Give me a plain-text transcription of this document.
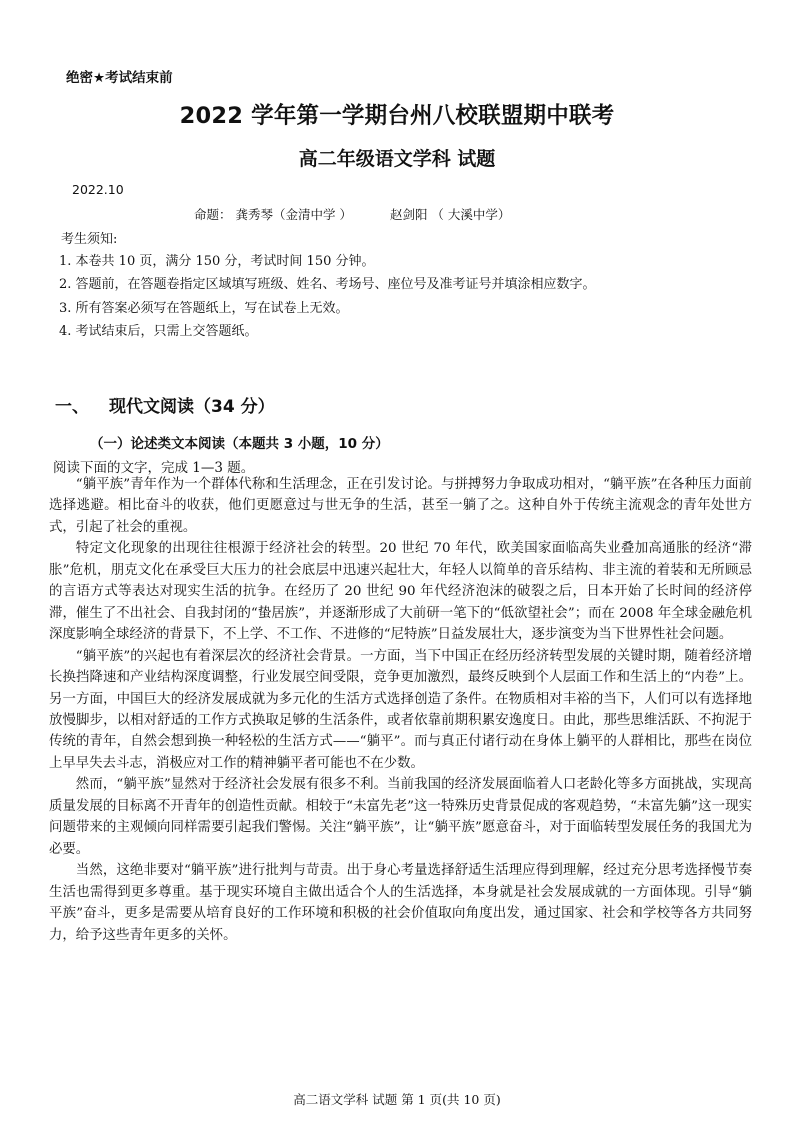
绝密★考试结束前
2022 学年第一学期台州八校联盟期中联考
高二年级语文学科 试题
2022.10
命题： 龚秀琴（金清中学 ）	赵剑阳 （ 大溪中学）
考生须知:
1. 本卷共 10 页，满分 150 分，考试时间 150 分钟。
2. 答题前，在答题卷指定区域填写班级、姓名、考场号、座位号及准考证号并填涂相应数字。
3. 所有答案必须写在答题纸上，写在试卷上无效。
4. 考试结束后，只需上交答题纸。
一、 现代文阅读（34 分）
（一）论述类文本阅读（本题共 3 小题，10 分）
阅读下面的文字，完成 1—3 题。

“躺平族”青年作为一个群体代称和生活理念，正在引发讨论。与拼搏努力争取成功相对，“躺平族”在各种压力面前选择逃避。相比奋斗的收获，他们更愿意过与世无争的生活，甚至一躺了之。这种自外于传统主流观念的青年处世方式，引起了社会的重视。

特定文化现象的出现往往根源于经济社会的转型。20 世纪 70 年代，欧美国家面临高失业叠加高通胀的经济“滞胀”危机，朋克文化在承受巨大压力的社会底层中迅速兴起壮大，年轻人以简单的音乐结构、非主流的着装和无所顾忌的言语方式等表达对现实生活的抗争。在经历了 20 世纪 90 年代经济泡沫的破裂之后，日本开始了长时间的经济停滞，催生了不出社会、自我封闭的“蛰居族”，并逐渐形成了大前研一笔下的“低欲望社会”；而在 2008 年全球金融危机深度影响全球经济的背景下，不上学、不工作、不进修的“尼特族”日益发展壮大，逐步演变为当下世界性社会问题。

“躺平族”的兴起也有着深层次的经济社会背景。一方面，当下中国正在经历经济转型发展的关键时期，随着经济增长换挡降速和产业结构深度调整，行业发展空间受限，竞争更加激烈，最终反映到个人层面工作和生活上的“内卷”上。另一方面，中国巨大的经济发展成就为多元化的生活方式选择创造了条件。在物质相对丰裕的当下，人们可以有选择地放慢脚步，以相对舒适的工作方式换取足够的生活条件，或者依靠前期积累安逸度日。由此，那些思维活跃、不拘泥于传统的青年，自然会想到换一种轻松的生活方式——“躺平”。而与真正付诸行动在身体上躺平的人群相比，那些在岗位上早早失去斗志，消极应对工作的精神躺平者可能也不在少数。

然而，“躺平族”显然对于经济社会发展有很多不利。当前我国的经济发展面临着人口老龄化等多方面挑战，实现高质量发展的目标离不开青年的创造性贡献。相较于“未富先老”这一特殊历史背景促成的客观趋势，“未富先躺”这一现实问题带来的主观倾向同样需要引起我们警惕。关注“躺平族”，让“躺平族”愿意奋斗，对于面临转型发展任务的我国尤为必要。

当然，这绝非要对“躺平族”进行批判与苛责。出于身心考量选择舒适生活理应得到理解，经过充分思考选择慢节奏生活也需得到更多尊重。基于现实环境自主做出适合个人的生活选择，本身就是社会发展成就的一方面体现。引导“躺平族”奋斗，更多是需要从培育良好的工作环境和积极的社会价值取向角度出发，通过国家、社会和学校等各方共同努力，给予这些青年更多的关怀。

高二语文学科 试题 第 1 页(共 10 页)
